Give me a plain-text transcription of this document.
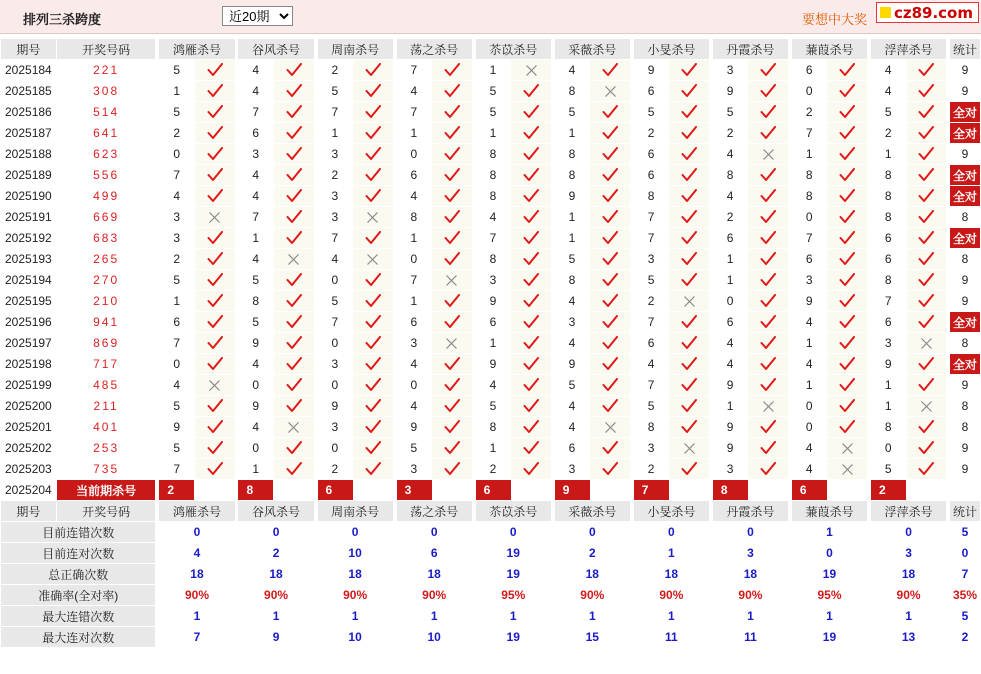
排列三杀跨度
近20期	要想中大奖 cz89.com
期号	开奖号码		鸿雁杀号			谷风杀号			周南杀号			荡之杀号			苶苡杀号			采薇杀号			小旻杀号			丹霞杀号			蒹葭杀号			浮萍杀号			统计
2025184	221		5			4			2			7			1			4			9			3			6			4			9
2025185	308		1			4			5			4			5			8			6			9			0			4			9
2025186	514		5			7			7			7			5			5			5			5			2			5			全对
2025187	641		2			6			1			1			1			1			2			2			7			2			全对
2025188	623		0			3			3			0			8			8			6			4			1			1			9
2025189	556		7			4			2			6			8			8			6			8			8			8			全对
2025190	499		4			4			3			4			8			9			8			4			8			8			全对
2025191	669		3			7			3			8			4			1			7			2			0			8			8
2025192	683		3			1			7			1			7			1			7			6			7			6			全对
2025193	265		2			4			4			0			8			5			3			1			6			6			8
2025194	270		5			5			0			7			3			8			5			1			3			8			9
2025195	210		1			8			5			1			9			4			2			0			9			7			9
2025196	941		6			5			7			6			6			3			7			6			4			6			全对
2025197	869		7			9			0			3			1			4			6			4			1			3			8
2025198	717		0			4			3			4			9			9			4			4			4			9			全对
2025199	485		4			0			0			0			4			5			7			9			1			1			9
2025200	211		5			9			9			4			5			4			5			1			0			1			8
2025201	401		9			4			3			9			8			4			8			9			0			8			8
2025202	253		5			0			0			5			1			6			3			9			4			0			9
2025203	735		7			1			2			3			2			3			2			3			4			5			9
2025204	当前期杀号		2			8			6			3			6			9			7			8			6			2			
期号	开奖号码		鸿雁杀号			谷风杀号			周南杀号			荡之杀号			苶苡杀号			采薇杀号			小旻杀号			丹霞杀号			蒹葭杀号			浮萍杀号			统计
目前连错次数			0			0			0			0			0			0			0			0			1			0			5
目前连对次数			4			2			10			6			19			2			1			3			0			3			0
总正确次数			18			18			18			18			19			18			18			18			19			18			7
准确率(全对率)			90%			90%			90%			90%			95%			90%			90%			90%			95%			90%			35%
最大连错次数			1			1			1			1			1			1			1			1			1			1			5
最大连对次数			7			9			10			10			19			15			11			11			19			13			2
